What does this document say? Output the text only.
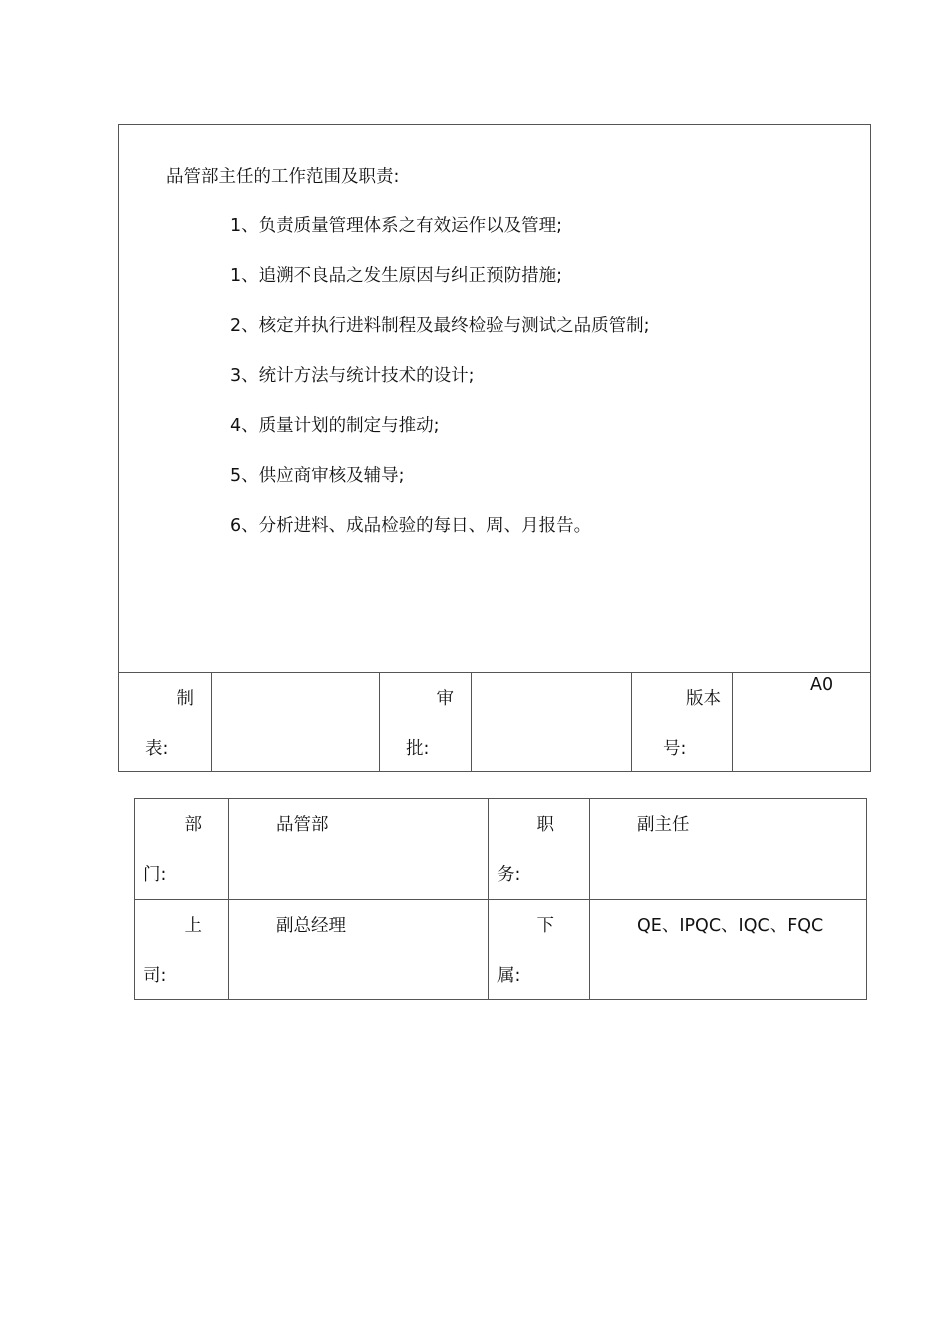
品管部主任的工作范围及职责:
1、负责质量管理体系之有效运作以及管理;
1、追溯不良品之发生原因与纠正预防措施;
2、核定并执行进料制程及最终检验与测试之品质管制;
3、统计方法与统计技术的设计;
4、质量计划的制定与推动;
5、供应商审核及辅导;
6、分析进料、成品检验的每日、周、月报告。
制
表:
审
批:
版本
号:
A0
部
门:
品管部	职
务:
副主任
上
司:
副总经理	下
属:
QE、IPQC、IQC、FQC
